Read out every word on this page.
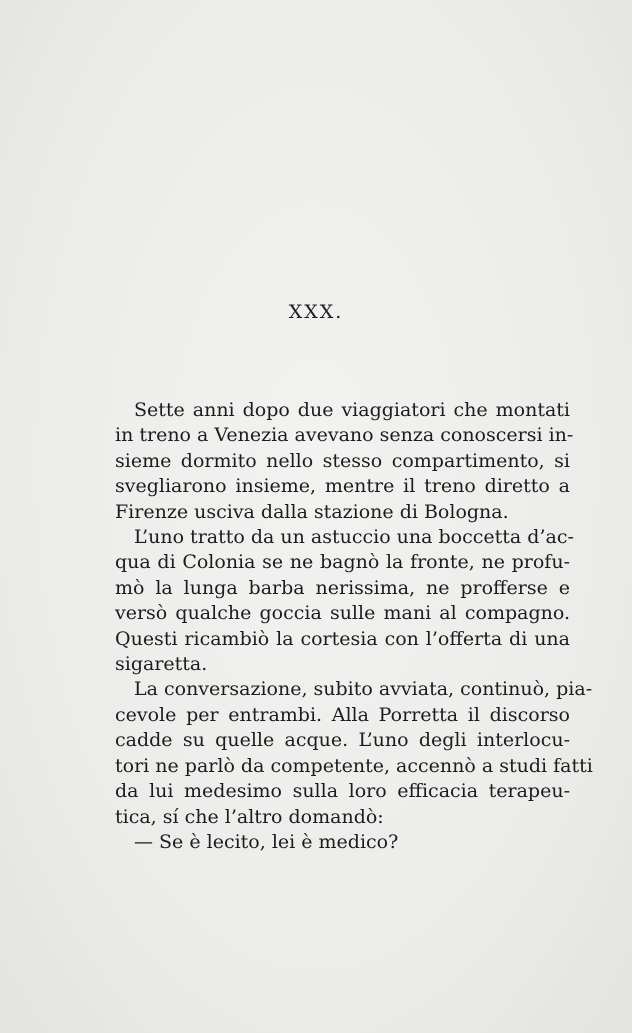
XXX.
Sette anni dopo due viaggiatori che montati
in treno a Venezia avevano senza conoscersi in-
sieme dormito nello stesso compartimento, si
svegliarono insieme, mentre il treno diretto a
Firenze usciva dalla stazione di Bologna.
L’uno tratto da un astuccio una boccetta d’ac-
qua di Colonia se ne bagnò la fronte, ne profu-
mò la lunga barba nerissima, ne profferse e
versò qualche goccia sulle mani al compagno.
Questi ricambiò la cortesia con l’offerta di una
sigaretta.
La conversazione, subito avviata, continuò, pia-
cevole per entrambi. Alla Porretta il discorso
cadde su quelle acque. L’uno degli interlocu-
tori ne parlò da competente, accennò a studi fatti
da lui medesimo sulla loro efficacia terapeu-
tica, sí che l’altro domandò:
— Se è lecito, lei è medico?
